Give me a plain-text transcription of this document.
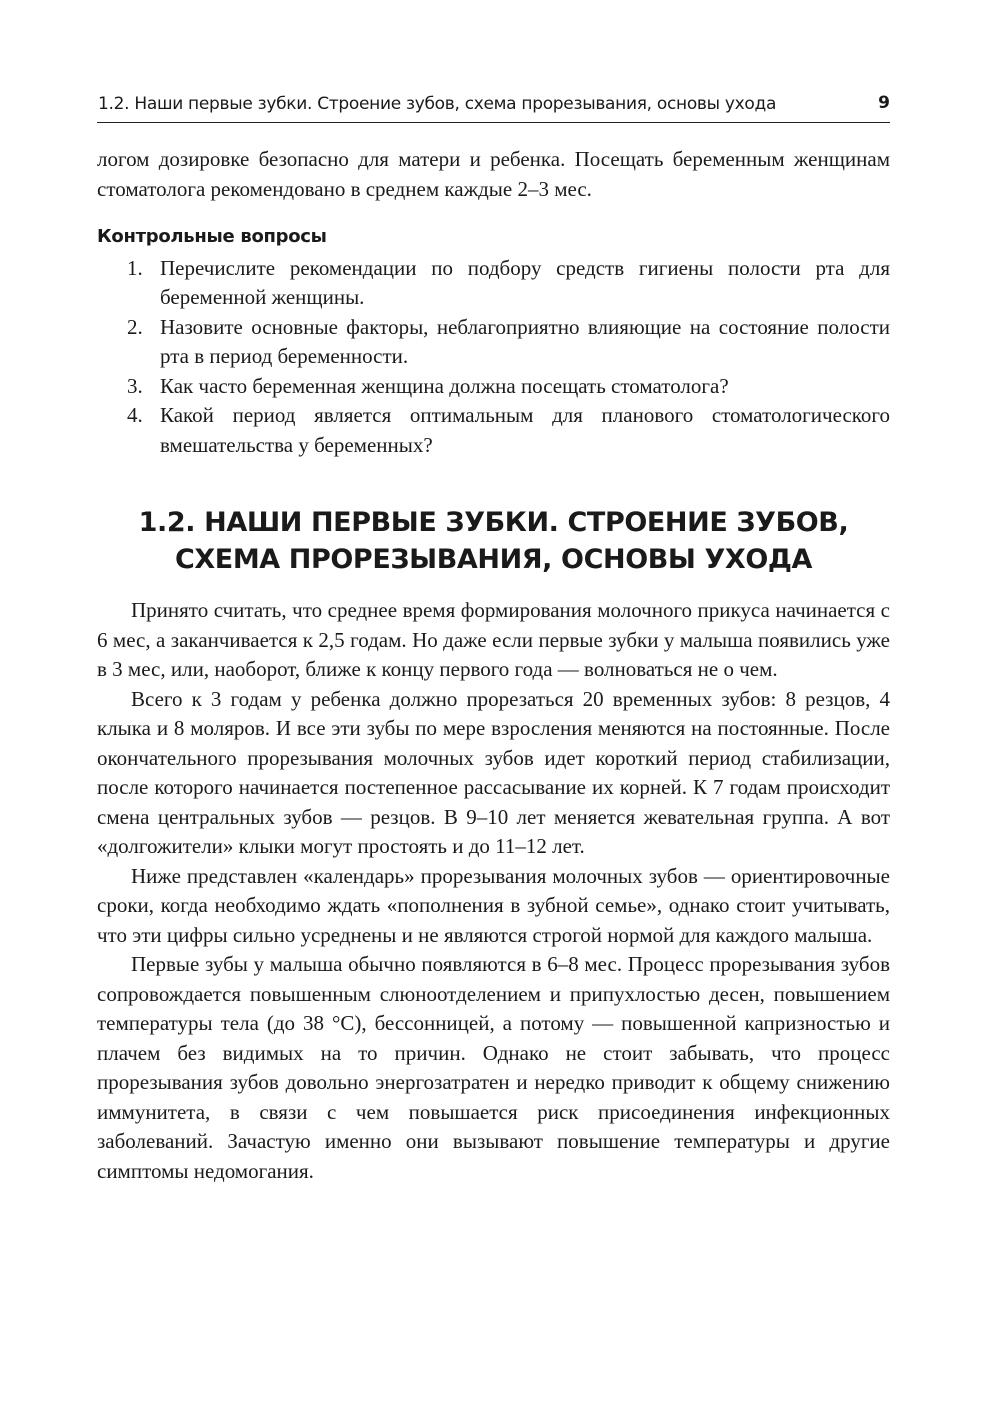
1.2. Наши первые зубки. Строение зубов, схема прорезывания, основы ухода	9

логом дозировке безопасно для матери и ребенка. Посещать беременным женщинам стоматолога рекомендовано в среднем каждые 2–3 мес.

Контрольные вопросы
1. Перечислите рекомендации по подбору средств гигиены полости рта для беременной женщины.
2. Назовите основные факторы, неблагоприятно влияющие на состояние полости рта в период беременности.
3. Как часто беременная женщина должна посещать стоматолога?
4. Какой период является оптимальным для планового стоматологического вмешательства у беременных?
1.2. НАШИ ПЕРВЫЕ ЗУБКИ. СТРОЕНИЕ ЗУБОВ, СХЕМА ПРОРЕЗЫВАНИЯ, ОСНОВЫ УХОДА

Принято считать, что среднее время формирования молочного прикуса начинается с 6 мес, а заканчивается к 2,5 годам. Но даже если первые зубки у малыша появились уже в 3 мес, или, наоборот, ближе к концу первого года — волноваться не о чем.

Всего к 3 годам у ребенка должно прорезаться 20 временных зубов: 8 резцов, 4 клыка и 8 моляров. И все эти зубы по мере взросления меняются на постоянные. После окончательного прорезывания молочных зубов идет короткий период стабилизации, после которого начинается постепенное рассасывание их корней. К 7 годам происходит смена центральных зубов — резцов. В 9–10 лет меняется жевательная группа. А вот «долгожители» клыки могут простоять и до 11–12 лет.

Ниже представлен «календарь» прорезывания молочных зубов — ориентировочные сроки, когда необходимо ждать «пополнения в зубной семье», однако стоит учитывать, что эти цифры сильно усреднены и не являются строгой нормой для каждого малыша.

Первые зубы у малыша обычно появляются в 6–8 мес. Процесс прорезывания зубов сопровождается повышенным слюноотделением и припухлостью десен, повышением температуры тела (до 38 °С), бессонницей, а потому — повышенной капризностью и плачем без видимых на то причин. Однако не стоит забывать, что процесс прорезывания зубов довольно энергозатратен и нередко приводит к общему снижению иммунитета, в связи с чем повышается риск присоединения инфекционных заболеваний. Зачастую именно они вызывают повышение температуры и другие симптомы недомогания.
